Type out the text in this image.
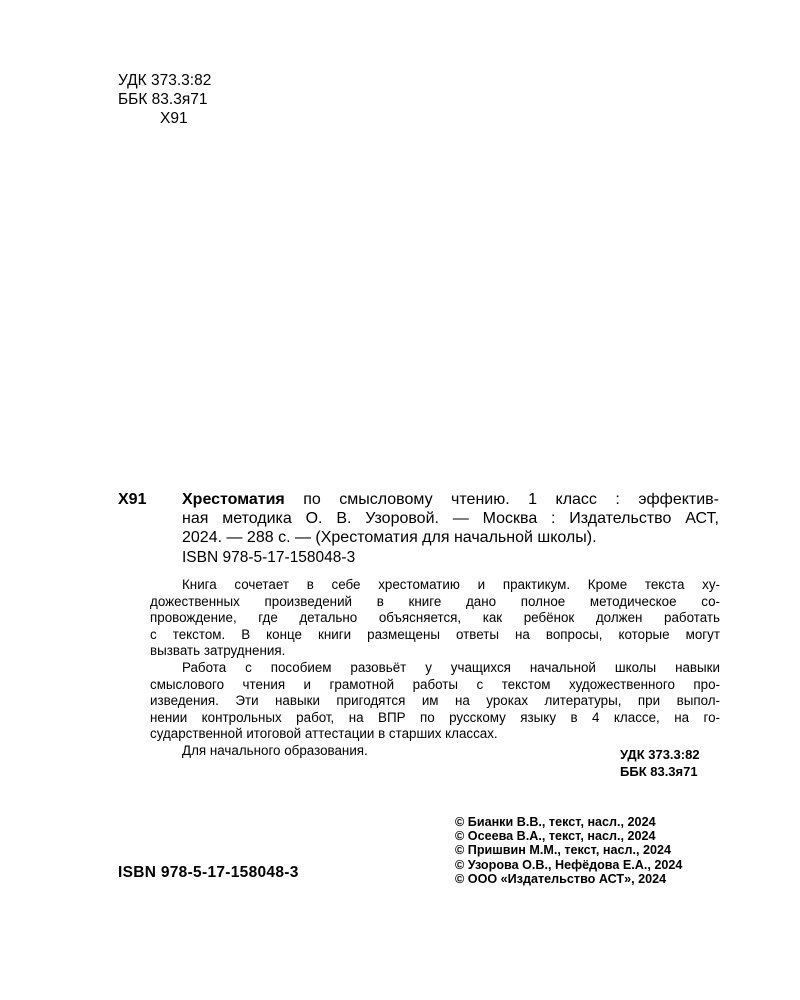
УДК 373.3:82
ББК 83.3я71
Х91
Х91 Хрестоматия по смысловому чтению. 1 класс : эффектив-
ная методика О. В. Узоровой. — Москва : Издательство АСТ,
2024. — 288 с. — (Хрестоматия для начальной школы).
ISBN 978-5-17-158048-3
Книга сочетает в себе хрестоматию и практикум. Кроме текста ху-
дожественных произведений в книге дано полное методическое со-
провождение, где детально объясняется, как ребёнок должен работать
с текстом. В конце книги размещены ответы на вопросы, которые могут
вызвать затруднения.
Работа с пособием разовьёт у учащихся начальной школы навыки
смыслового чтения и грамотной работы с текстом художественного про-
изведения. Эти навыки пригодятся им на уроках литературы, при выпол-
нении контрольных работ, на ВПР по русскому языку в 4 классе, на го-
сударственной итоговой аттестации в старших классах.
Для начального образования.	УДК 373.3:82
ББК 83.3я71
© Бианки В.В., текст, насл., 2024
© Осеева В.А., текст, насл., 2024
© Пришвин М.М., текст, насл., 2024
© Узорова О.В., Нефёдова Е.А., 2024
© ООО «Издательство АСТ», 2024
ISBN 978-5-17-158048-3
